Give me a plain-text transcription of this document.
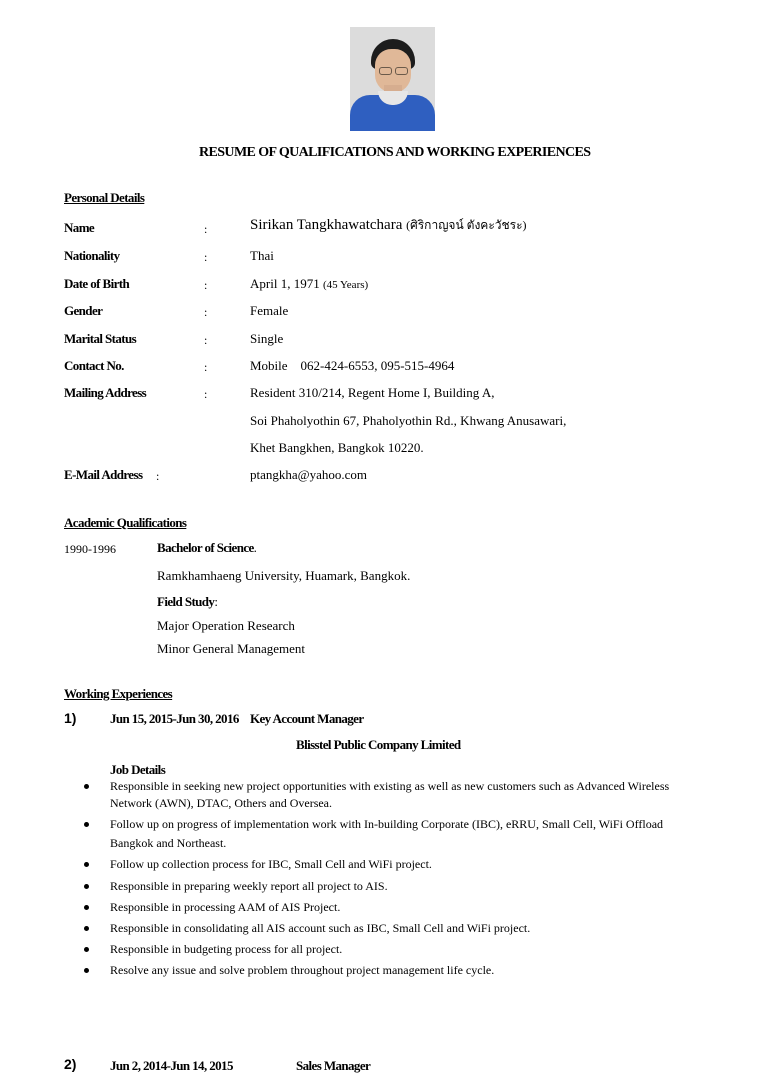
RESUME OF QUALIFICATIONS AND WORKING EXPERIENCES
Personal Details
Name	:	Sirikan Tangkhawatchara (ศิริกาญจน์ ตังคะวัชระ)
Nationality	:	Thai
Date of Birth	:	April 1, 1971 (45 Years)
Gender	:	Female
Marital Status	:	Single
Contact No.	:	Mobile    062-424-6553, 095-515-4964
Mailing Address	:	Resident 310/214, Regent Home I, Building A,
Soi Phaholyothin 67, Phaholyothin Rd., Khwang Anusawari,
Khet Bangkhen, Bangkok 10220.
E-Mail Address :	ptangkha@yahoo.com
Academic Qualifications
1990-1996	Bachelor of Science.
Ramkhamhaeng University, Huamark, Bangkok.
Field Study:
Major Operation Research
Minor General Management
Working Experiences
1)	Jun 15, 2015-Jun 30, 2016 Key Account Manager
Blisstel Public Company Limited
Job Details
Responsible in seeking new project opportunities with existing as well as new customers such as Advanced Wireless
Network (AWN), DTAC, Others and Oversea.
Follow up on progress of implementation work with In-building Corporate (IBC), eRRU, Small Cell, WiFi Offload
Bangkok and Northeast.
Follow up collection process for IBC, Small Cell and WiFi project.
Responsible in preparing weekly report all project to AIS.
Responsible in processing AAM of AIS Project.
Responsible in consolidating all AIS account such as IBC, Small Cell and WiFi project.
Responsible in budgeting process for all project.
Resolve any issue and solve problem throughout project management life cycle.
2)	Jun 2, 2014-Jun 14, 2015	Sales Manager
